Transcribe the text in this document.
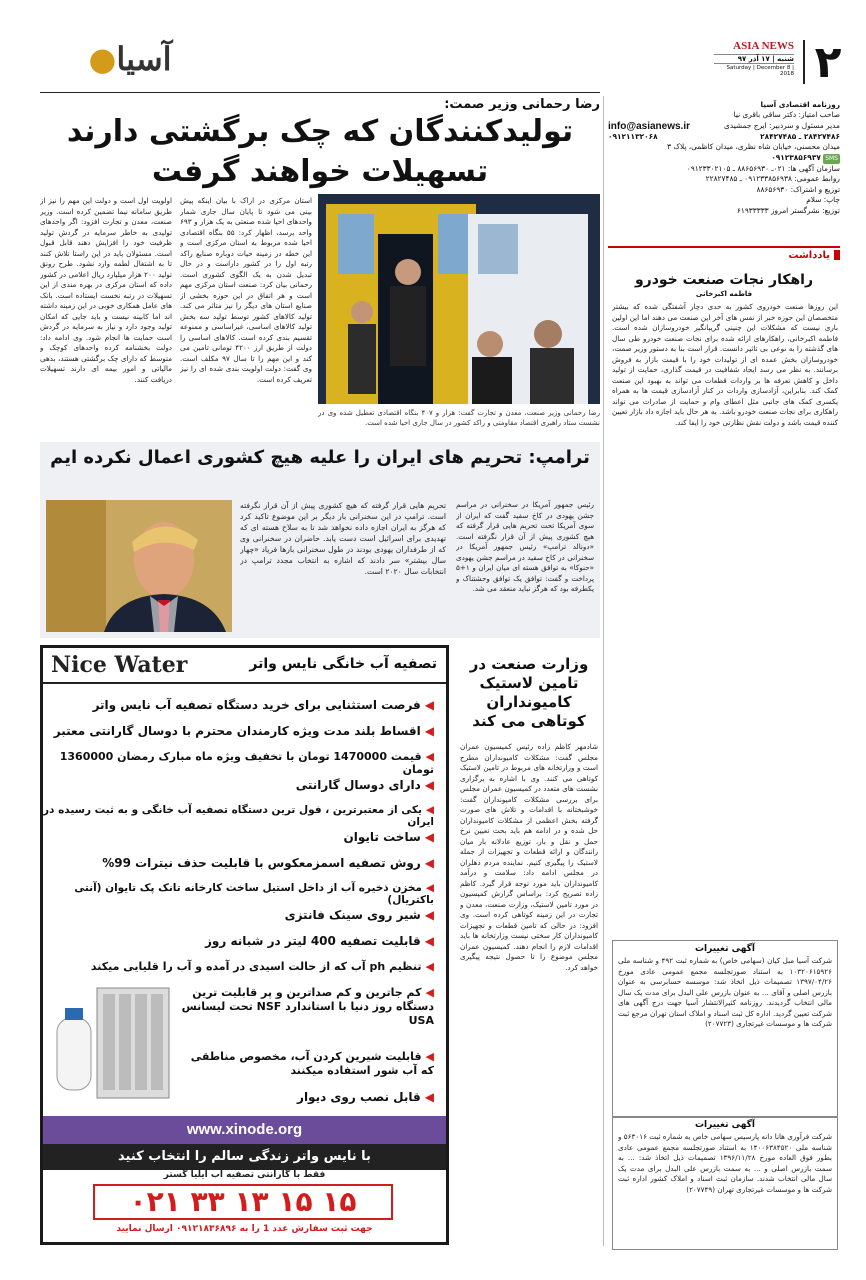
۲
ASIA NEWS
شنبه | ۱۷ آذر ۹۷
Saturday | December 8 | 2018
●آسیا
روزنامه اقتصادی آسیا
صاحب امتیاز: دکتر ساقی باقری نیا
مدیر مسئول و سردبیر: ایرج جمشیدی
info@asianews.ir
۲۸۴۲۷۴۸۶ ـ ۲۸۴۲۷۴۸۵
۰۹۱۲۱۱۳۲۰۶۸
میدان محسنی، خیابان شاه نظری، میدان کاظمی، پلاک ۳
SMS ۰۹۱۲۳۸۵۶۹۳۷
سازمان آگهی ها: ۰۲۱ـ ۸۸۶۵۶۹۳۰ ـ ۰۹۱۲۳۳۰۲۱۰۵
روابط عمومی: ۰۹۱۲۳۳۸۵۶۹۳۸ ـ ۲۲۸۲۷۴۸۵
توزیع و اشتراک: ۸۸۶۵۶۹۳۰
چاپ: سلام
توزیع: نشرگستر امروز ۶۱۹۳۳۳۳۳
یادداشت
راهکار نجات صنعت خودرو
فاطمه اکبرخانی
این روزها صنعت خودروی کشور به حدی دچار آشفتگی شده که بیشتر متخصصان این حوزه خبر از نفس های آخر این صنعت می دهند اما این اولین باری نیست که مشکلات این چنینی گریبانگیر خودروسازان شده است. فاطمه اکبرخانی، راهکارهای ارائه شده برای نجات صنعت خودرو طی سال های گذشته را به نوعی بی تاثیر دانست. قرار است بنا به دستور وزیر صمت، خودروسازان بخش عمده ای از تولیدات خود را با قیمت بازار به فروش برسانند. به نظر می رسد ایجاد شفافیت در قیمت گذاری، حمایت از تولید داخل و کاهش تعرفه ها بر واردات قطعات می تواند به بهبود این صنعت کمک کند. بنابراین، آزادسازی واردات در کنار آزادسازی قیمت ها به همراه یکسری کمک های جانبی مثل اعطای وام و حمایت از صادرات می تواند راهکاری برای نجات صنعت خودرو باشد. به هر حال باید اجازه داد بازار تعیین کننده قیمت باشد و دولت نقش نظارتی خود را ایفا کند.
آگهی تغییرات
شرکت آسیا مبل کیان (سهامی خاص) به شماره ثبت ۴۹۲ و شناسه ملی ۱۰۳۲۰۶۱۵۹۲۶ به استناد صورتجلسه مجمع عمومی عادی مورخ ۱۳۹۷/۰۴/۲۶ تصمیمات ذیل اتخاذ شد: موسسه حسابرسی به عنوان بازرس اصلی و آقای ... به عنوان بازرس علی البدل برای مدت یک سال مالی انتخاب گردیدند. روزنامه کثیرالانتشار آسیا جهت درج آگهی های شرکت تعیین گردید. اداره کل ثبت اسناد و املاک استان تهران مرجع ثبت شرکت ها و موسسات غیرتجاری (۲۰۷۷۲۳)
آگهی تغییرات
شرکت فرآوری هانا دانه پارسیس سهامی خاص به شماره ثبت ۵۶۳۰۱۶ و شناسه ملی ۱۴۰۰۶۳۸۴۵۲۰ به استناد صورتجلسه مجمع عمومی عادی بطور فوق العاده مورخ ۱۳۹۶/۱۱/۲۸ تصمیمات ذیل اتخاذ شد: ... به سمت بازرس اصلی و ... به سمت بازرس علی البدل برای مدت یک سال مالی انتخاب شدند. سازمان ثبت اسناد و املاک کشور اداره ثبت شرکت ها و موسسات غیرتجاری تهران (۲۰۷۷۴۹)
رضا رحمانی وزیر صمت:
تولیدکنندگان که چک برگشتی دارند تسهیلات خواهند گرفت
رضا رحمانی وزیر صنعت، معدن و تجارت گفت: هزار و ۴۰۷ بنگاه اقتصادی تعطیل شده وی در نشست ستاد راهبری اقتصاد مقاومتی و راکد کشور در سال جاری احیا شده است.
استان مرکزی در اراک با بیان اینکه پیش بینی می شود تا پایان سال جاری شمار واحدهای احیا شده صنعتی به یک هزار و ۶۹۳ واحد برسد، اظهار کرد: ۵۵ بنگاه اقتصادی احیا شده مربوط به استان مرکزی است و این خطه در زمینه حیات دوباره صنایع راکد رتبه اول را در کشور داراست و در حال تبدیل شدن به یک الگوی کشوری است. رحمانی بیان کرد: صنعت استان مرکزی مهم است و هر اتفاق در این حوزه بخشی از صنایع استان های دیگر را نیز متاثر می کند. تولید کالاهای کشور توسط تولید سه بخش تولید کالاهای اساسی، غیراساسی و ممنوعه تقسیم بندی کرده است. کالاهای اساسی را دولت از طریق ارز ۴۲۰۰ تومانی تامین می کند و این مهم را تا سال ۹۷ مکلف است. وی گفت: دولت اولویت بندی شده ای را نیز تعریف کرده است.
اولویت اول است و دولت این مهم را نیز از طریق سامانه نیما تضمین کرده است. وزیر صنعت، معدن و تجارت افزود: اگر واحدهای تولیدی به خاطر سرمایه در گردش تولید ظرفیت خود را افزایش دهند قابل قبول است. مسئولان باید در این راستا تلاش کنند تا به اشتغال لطمه وارد نشود. طرح رونق تولید ۲۰۰ هزار میلیارد ریال اعلامی در کشور داده که استان مرکزی در بهره مندی از این تسهیلات در رتبه نخست ایستاده است. بانک های عامل همکاری خوبی در این زمینه داشته اند اما کابینه نیست و باید جایی که امکان تولید وجود دارد و نیاز به سرمایه در گردش است حمایت ها انجام شود. وی ادامه داد: دولت بخشنامه کرده واحدهای کوچک و متوسط که دارای چک برگشتی هستند، بدهی مالیاتی و امور بیمه ای دارند تسهیلات دریافت کنند.
ترامپ: تحریم های ایران را علیه هیچ کشوری اعمال نکرده ایم
رئیس جمهور آمریکا در سخنرانی در مراسم جشن یهودی در کاخ سفید گفت که ایران از سوی آمریکا تحت تحریم هایی قرار گرفته که هیچ کشوری پیش از آن قرار نگرفته است. «دونالد ترامپ» رئیس جمهور آمریکا در سخنرانی در کاخ سفید در مراسم جشن یهودی «حنوکا» به توافق هسته ای میان ایران و ۱+۵ پرداخت و گفت: توافق یک توافق وحشتناک و یکطرفه بود که هرگز نباید منعقد می شد.
تحریم هایی قرار گرفته که هیچ کشوری پیش از آن قرار نگرفته است. ترامپ در این سخنرانی بار دیگر بر این موضوع تاکید کرد که هرگز به ایران اجازه داده نخواهد شد تا به سلاح هسته ای که تهدیدی برای اسرائیل است دست یابد. حاضران در سخنرانی وی که از طرفداران یهودی بودند در طول سخنرانی بارها فریاد «چهار سال بیشتر» سر دادند که اشاره به انتخاب مجدد ترامپ در انتخابات سال ۲۰۲۰ است.
وزارت صنعت در تامین لاستیک کامیونداران کوتاهی می کند
شادمهر کاظم زاده رئیس کمیسیون عمران مجلس گفت: مشکلات کامیونداران مطرح است و وزارتخانه های مربوط در تامین لاستیک کوتاهی می کنند. وی با اشاره به برگزاری نشست های متعدد در کمیسیون عمران مجلس برای بررسی مشکلات کامیونداران گفت: خوشبختانه با اقدامات و تلاش های صورت گرفته بخش اعظمی از مشکلات کامیونداران حل شده و در ادامه هم باید بحث تعیین نرخ حمل و نقل و بار، توزیع عادلانه بار میان رانندگان و ارائه قطعات و تجهیزات از جمله لاستیک را پیگیری کنیم. نماینده مردم دهلران در مجلس ادامه داد: سلامت و درآمد کامیونداران باید مورد توجه قرار گیرد. کاظم زاده تصریح کرد: براساس گزارش کمیسیون در مورد تامین لاستیک، وزارت صنعت، معدن و تجارت در این زمینه کوتاهی کرده است. وی افزود: در حالی که تامین قطعات و تجهیزات کامیونداران کار سختی نیست وزارتخانه ها باید اقدامات لازم را انجام دهند. کمیسیون عمران مجلس موضوع را تا حصول نتیجه پیگیری خواهد کرد.
Nice Water	تصفیه آب خانگی نایس واتر
◀فرصت استثنایی برای خرید دستگاه تصفیه آب نایس واتر
◀اقساط بلند مدت ویژه کارمندان محترم با دوسال گارانتی معتبر
◀قیمت 1470000 تومان با تخفیف ویژه ماه مبارک رمضان 1360000 تومان
◀دارای دوسال گارانتی
◀یکی از معتبرترین ، فول ترین دستگاه تصفیه آب خانگی و به ثبت رسیده در ایران
◀ساخت تایوان
◀روش تصفیه اسمزمعکوس با قابلیت حذف نیترات 99%
◀مخزن ذخیره آب از داخل استیل ساخت کارخانه تانک پک تایوان (آنتی باکتریال)
◀شیر روی سینک فانتزی
◀قابلیت تصفیه 400 لیتر در شبانه روز
◀تنظیم ph آب که از حالت اسیدی در آمده و آب را قلیایی میکند
◀کم جاترین و کم صداترین و پر قابلیت ترین دستگاه روز دنیا با استاندارد NSF تحت لیسانس USA
◀قابلیت شیرین کردن آب، مخصوص مناطقی که آب شور استفاده میکنند
◀قابل نصب روی دیوار
www.xinode.org
با نایس واتر زندگی سالم را انتخاب کنید
فقط با گارانتی تصفیه آب ایلیا گستر
۰۲۱ ۳۳ ۱۳ ۱۵ ۱۵
جهت ثبت سفارش عدد 1 را به ۰۹۱۲۱۸۳۶۸۹۶ ارسال نمایید
